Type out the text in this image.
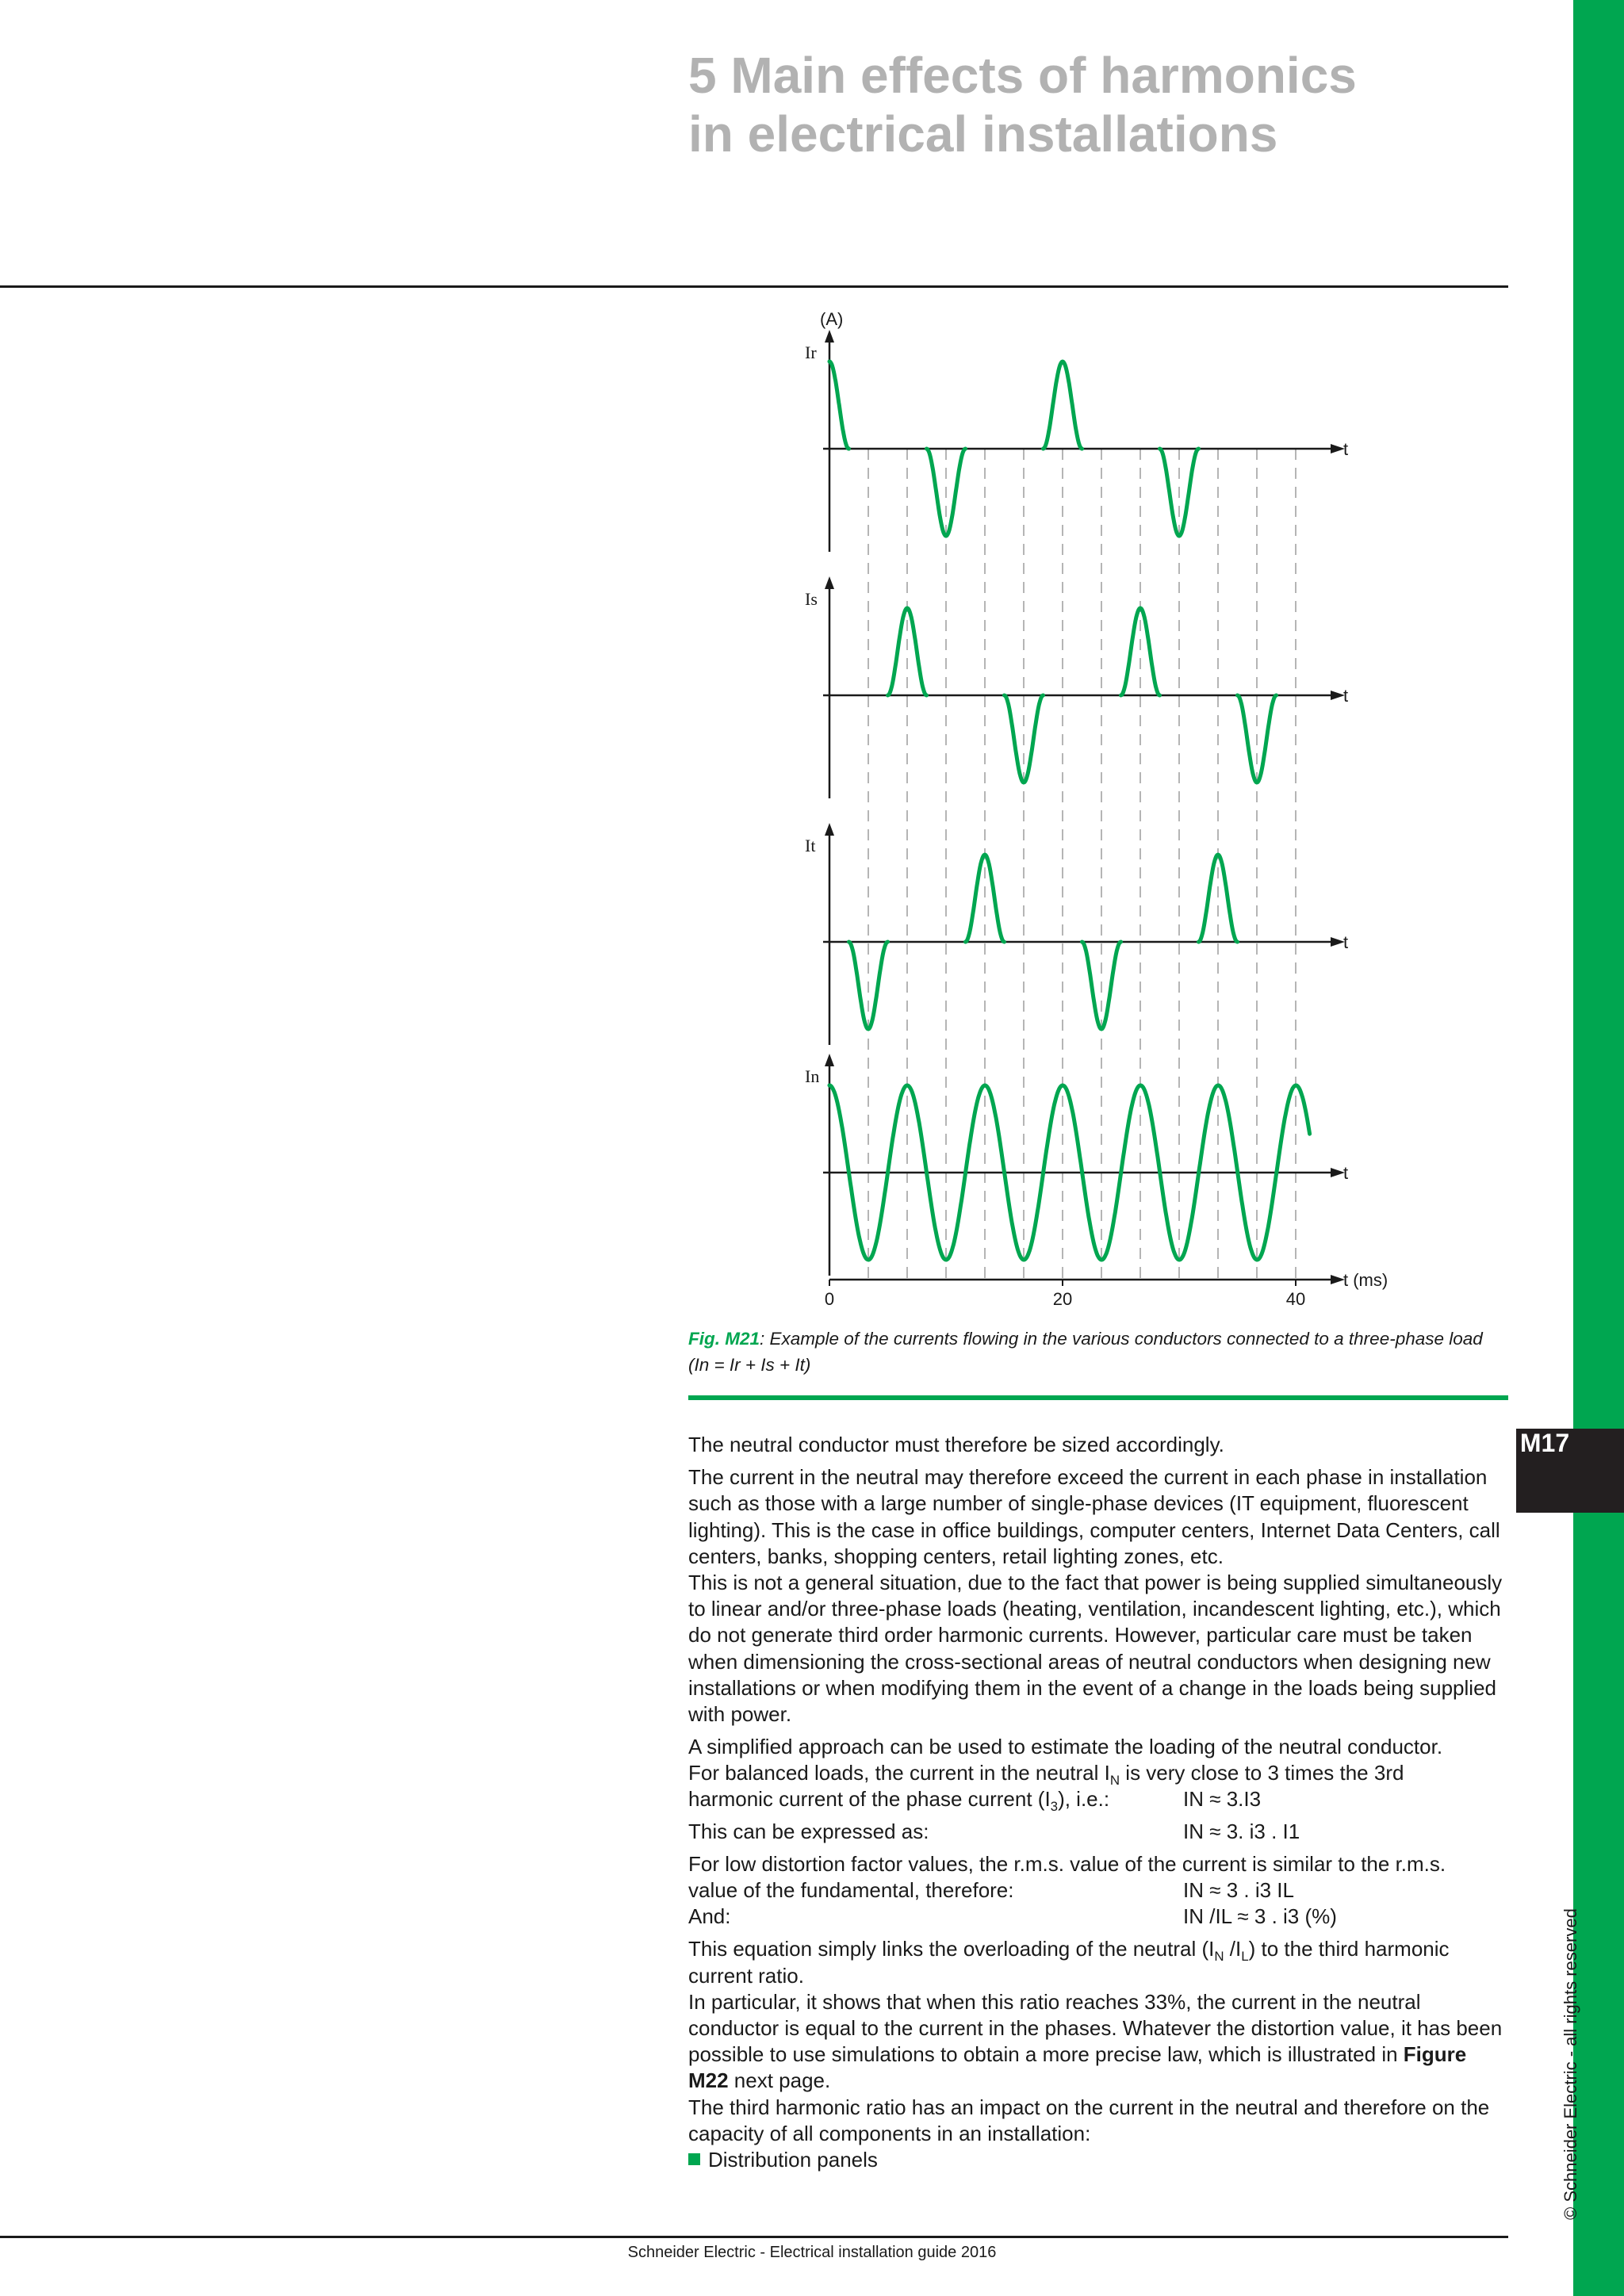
M17
© Schneider Electric - all rights reserved
5 Main effects of harmonics
in electrical installations
(A)
t
Ir
t
Is
t
It
t
In
t (ms)
0	20	40

Fig. M21: Example of the currents flowing in the various conductors connected to a three-phase load (In = Ir + Is + It)

The neutral conductor must therefore be sized accordingly.

The current in the neutral may therefore exceed the current in each phase in installation such as those with a large number of single-phase devices (IT equipment, fluorescent lighting). This is the case in office buildings, computer centers, Internet Data Centers, call centers, banks, shopping centers, retail lighting zones, etc.

This is not a general situation, due to the fact that power is being supplied simultaneously to linear and/or three-phase loads (heating, ventilation, incandescent lighting, etc.), which do not generate third order harmonic currents. However, particular care must be taken when dimensioning the cross-sectional areas of neutral conductors when designing new installations or when modifying them in the event of a change in the loads being supplied with power.

A simplified approach can be used to estimate the loading of the neutral conductor.

For balanced loads, the current in the neutral $I_N$ is very close to 3 times the 3rd
harmonic current of the phase current $(I_3)$, i.e.:	IN ≈ 3.I3
This can be expressed as:	IN ≈ 3. i3 . I1
For low distortion factor values, the r.m.s. value of the current is similar to the r.m.s.
value of the fundamental, therefore:	IN ≈ 3 . i3 IL
And:	IN /IL ≈ 3 . i3 (%)

This equation simply links the overloading of the neutral ($I_N$ $/I_L$) to the third harmonic current ratio.

In particular, it shows that when this ratio reaches 33%, the current in the neutral conductor is equal to the current in the phases. Whatever the distortion value, it has been possible to use simulations to obtain a more precise law, which is illustrated in Figure M22 next page.

The third harmonic ratio has an impact on the current in the neutral and therefore on the capacity of all components in an installation:

Distribution panels

Schneider Electric - Electrical installation guide 2016
